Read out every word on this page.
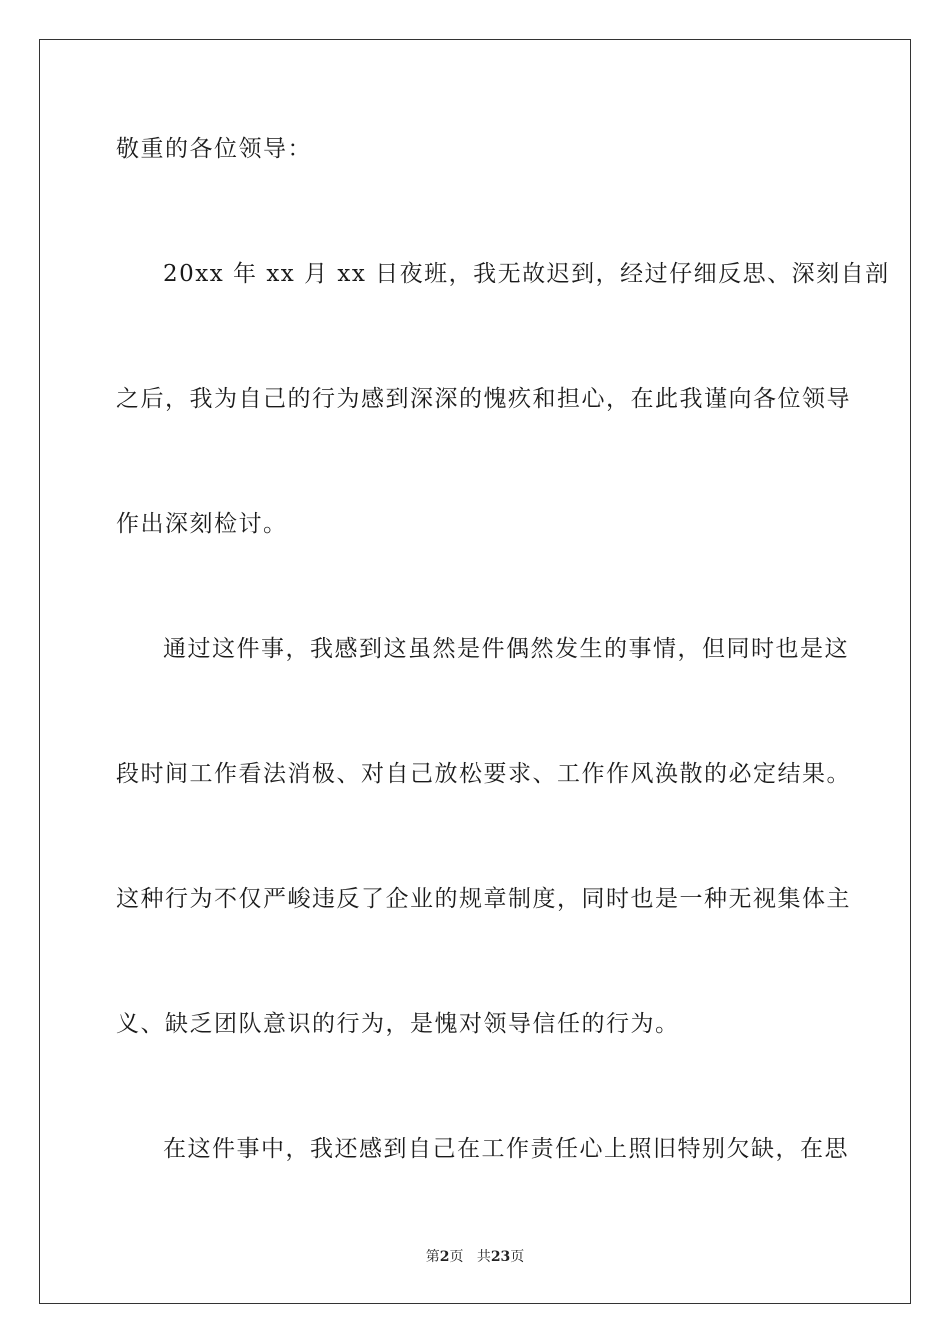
敬重的各位领导：
20xx 年 xx 月 xx 日夜班，我无故迟到，经过仔细反思、深刻自剖
之后，我为自己的行为感到深深的愧疚和担心，在此我谨向各位领导
作出深刻检讨。
通过这件事，我感到这虽然是件偶然发生的事情，但同时也是这
段时间工作看法消极、对自己放松要求、工作作风涣散的必定结果。
这种行为不仅严峻违反了企业的规章制度，同时也是一种无视集体主
义、缺乏团队意识的行为，是愧对领导信任的行为。
在这件事中，我还感到自己在工作责任心上照旧特别欠缺，在思
第2页 共23页
